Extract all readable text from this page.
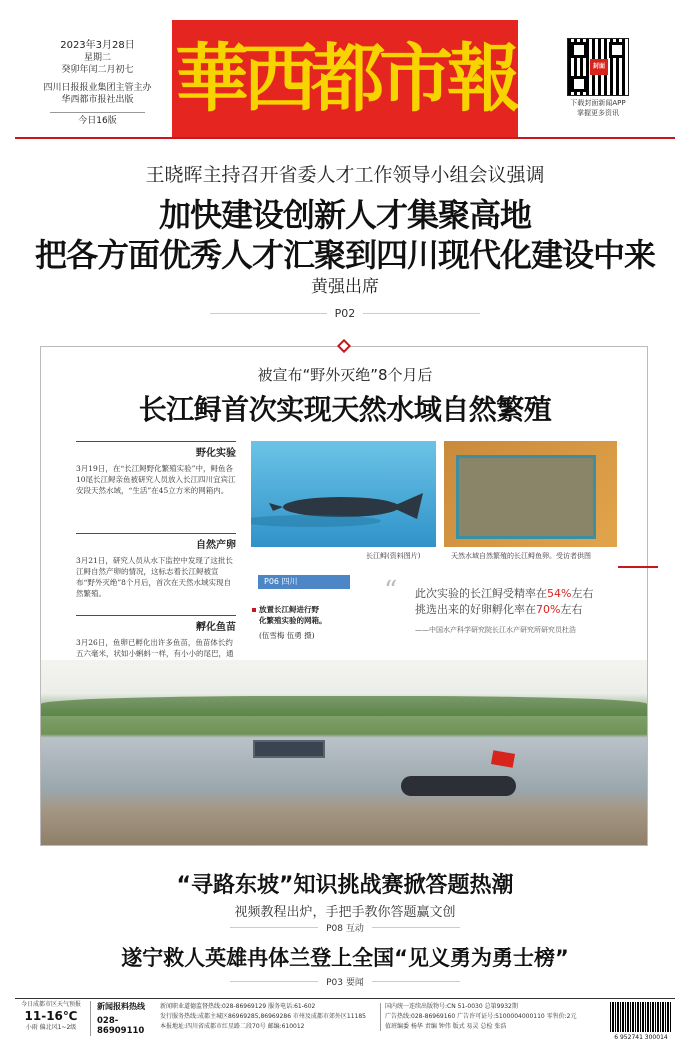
2023年3月28日
星期二
癸卯年闰二月初七
四川日报报业集团主管主办
华西都市报社出版
今日16版 華西都市報	封面
下载封面新闻APP
掌握更多资讯
王晓晖主持召开省委人才工作领导小组会议强调
加快建设创新人才集聚高地
把各方面优秀人才汇聚到四川现代化建设中来
黄强出席
P02
被宣布“野外灭绝”8个月后
长江鲟首次实现天然水域自然繁殖
野化实验
3月19日，在“长江鲟野化繁殖实验”中，鲟鱼各10尾长江鲟亲鱼被研究人员放入长江四川宜宾江安段天然水域，“生活”在45立方米的网箱内。
自然产卵
3月21日，研究人员从水下监控中发现了这批长江鲟自然产卵的情况，这标志着长江鲟被宣布“野外灭绝”8个月后，首次在天然水域实现自然繁殖。
孵化鱼苗
3月26日，鱼卵已孵化出许多鱼苗，鱼苗体长约五六毫米，状如小蝌蚪一样，有小小的尾巴，通
长江鲟(资料图片)	天然水域自然繁殖的长江鲟鱼卵。受访者供图
P06 四川	“ 此次实验的长江鲟受精率在54%左右
挑选出来的好卵孵化率在70%左右
——中国水产科学研究院长江水产研究所研究员杜浩
放置长江鲟进行野
化繁殖实验的网箱。
(伍雪梅 伍勇 摄)
“寻路东坡”知识挑战赛掀答题热潮
视频教程出炉，手把手教你答题赢文创
P08 互动
遂宁救人英雄冉体兰登上全国“见义勇为勇士榜”
P03 要闻
今日成都市区天气预报
11-16℃
小雨 偏北风1~2级
新闻报料热线
028-86909110
新闻职业道德监督热线:028-86969129 服务电话:61-602
发行服务热线:成都主城区86969285,86969286 市州及成都市郊外区11185
本报地址:四川省成都市红星路二段70号 邮编:610012
国内统一连续出版物号:CN 51-0030 总第9932期
广告热线:028-86969160 广告许可证号:5100004000110 零售价:2元
值班编委 杨华 责编 钟伟 版式 易灵 总检 张浩
6 952741 300014
